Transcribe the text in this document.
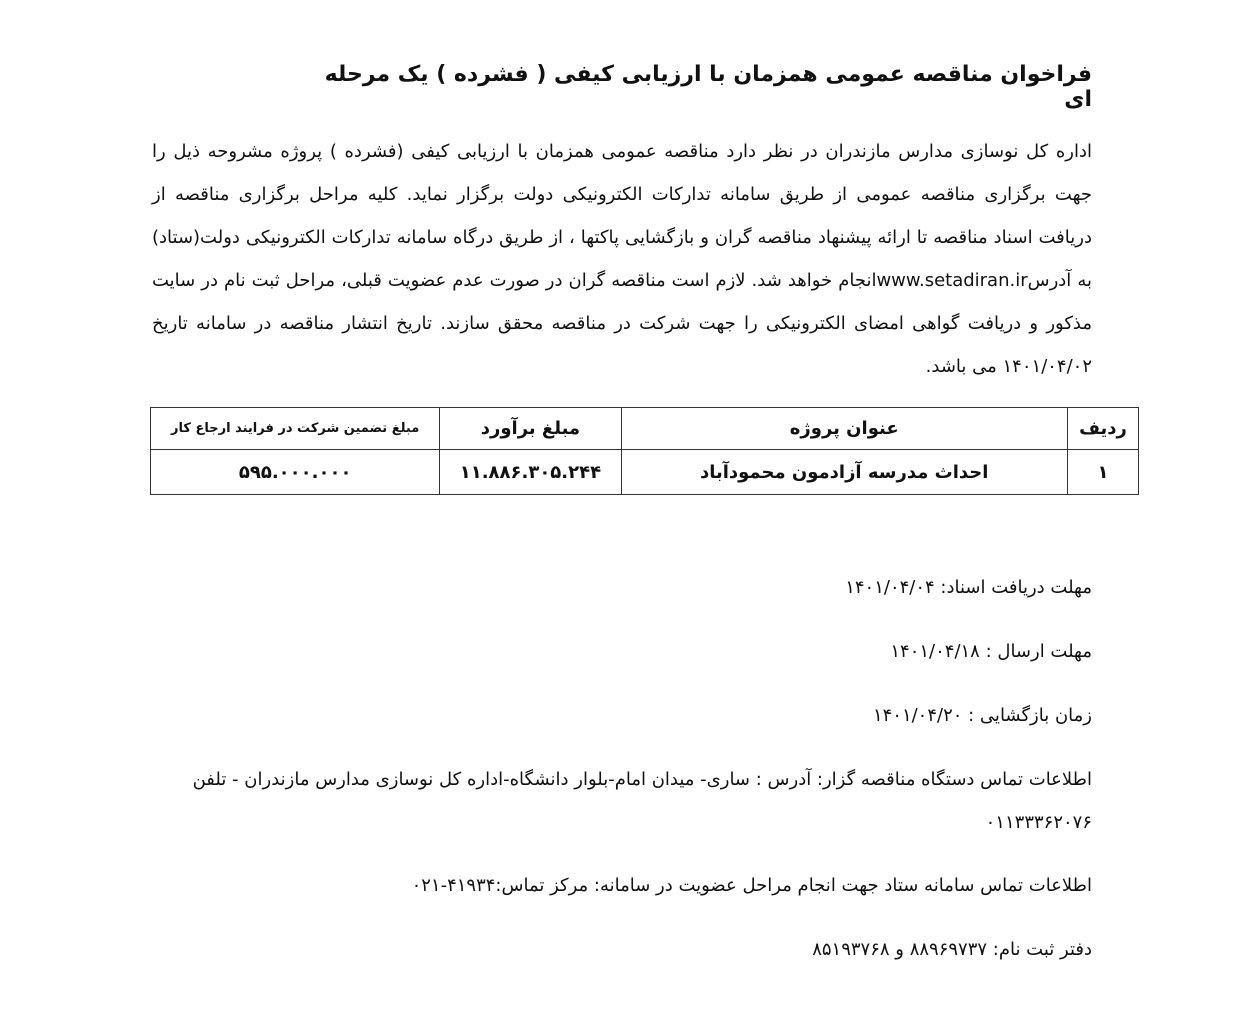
فراخوان مناقصه عمومی همزمان با ارزیابی کیفی ( فشرده ) یک مرحله ای
اداره کل نوسازی مدارس مازندران در نظر دارد مناقصه عمومی همزمان با ارزیابی کیفی (فشرده ) پروژه مشروحه ذیل را جهت برگزاری مناقصه عمومی از طریق سامانه تدارکات الکترونیکی دولت برگزار نماید. کلیه مراحل برگزاری مناقصه از دریافت اسناد مناقصه تا ارائه پیشنهاد مناقصه گران و بازگشایی پاکتها ، از طریق درگاه سامانه تدارکات الکترونیکی دولت(ستاد) به آدرسwww.setadiran.irانجام خواهد شد. لازم است مناقصه گران در صورت عدم عضویت قبلی، مراحل ثبت نام در سایت مذکور و دریافت گواهی امضای الکترونیکی را جهت شرکت در مناقصه محقق سازند. تاریخ انتشار مناقصه در سامانه تاریخ ۱۴۰۱/۰۴/۰۲ می باشد.
ردیف	عنوان پروژه	مبلغ برآورد	مبلغ تضمین شرکت در فرایند ارجاع کار
۱	احداث مدرسه آزادمون محمودآباد	۱۱.۸۸۶.۳۰۵.۲۴۴	۵۹۵.۰۰۰.۰۰۰
مهلت دریافت اسناد: ۱۴۰۱/۰۴/۰۴
مهلت ارسال : ۱۴۰۱/۰۴/۱۸
زمان بازگشایی : ۱۴۰۱/۰۴/۲۰
اطلاعات تماس دستگاه مناقصه گزار: آدرس : ساری- میدان امام-بلوار دانشگاه-اداره کل نوسازی مدارس مازندران - تلفن ۰۱۱۳۳۳۶۲۰۷۶
اطلاعات تماس سامانه ستاد جهت انجام مراحل عضویت در سامانه: مرکز تماس:۴۱۹۳۴-۰۲۱
دفتر ثبت نام: ۸۸۹۶۹۷۳۷ و ۸۵۱۹۳۷۶۸
